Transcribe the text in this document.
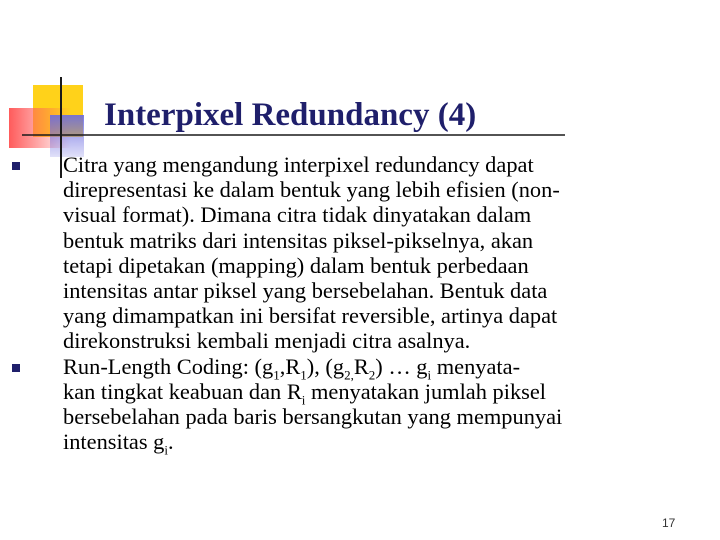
Interpixel Redundancy (4)
Citra yang mengandung interpixel redundancy dapat
direpresentasi ke dalam bentuk yang lebih efisien (non-
visual format). Dimana citra tidak dinyatakan dalam
bentuk matriks dari intensitas piksel-pikselnya, akan
tetapi dipetakan (mapping) dalam bentuk perbedaan
intensitas antar piksel yang bersebelahan. Bentuk data
yang dimampatkan ini bersifat reversible, artinya dapat
direkonstruksi kembali menjadi citra asalnya.
Run-Length Coding: $(g_1,R_1)$, $(g_{2,}R_2)$ … $g_i$ menyata-
kan tingkat keabuan dan $R_i$ menyatakan jumlah piksel
bersebelahan pada baris bersangkutan yang mempunyai
intensitas $g_i$.
17
